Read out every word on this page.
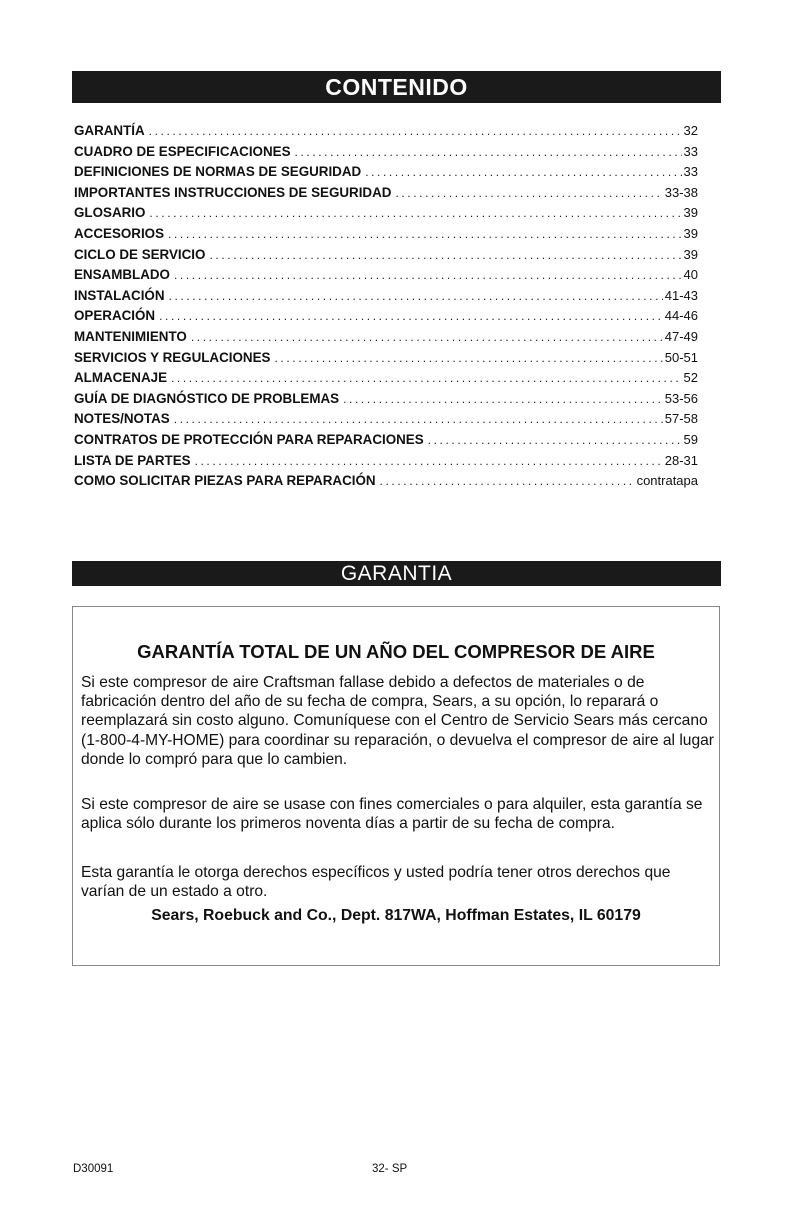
CONTENIDO
GARANTÍA .....	32
CUADRO DE ESPECIFICACIONES .....	33
DEFINICIONES DE NORMAS DE SEGURIDAD .....	33
IMPORTANTES INSTRUCCIONES DE SEGURIDAD .....	33-38
GLOSARIO .....	39
ACCESORIOS .....	39
CICLO DE SERVICIO .....	39
ENSAMBLADO .....	40
INSTALACIÓN .....	41-43
OPERACIÓN .....	44-46
MANTENIMIENTO .....	47-49
SERVICIOS Y REGULACIONES .....	50-51
ALMACENAJE .....	52
GUÍA DE DIAGNÓSTICO DE PROBLEMAS .....	53-56
NOTES/NOTAS .....	57-58
CONTRATOS DE PROTECCIÓN PARA REPARACIONES .....	59
LISTA DE PARTES .....	28-31
COMO SOLICITAR PIEZAS PARA REPARACIÓN .....	contratapa
GARANTIA
GARANTÍA TOTAL DE UN AÑO DEL COMPRESOR DE AIRE

Si este compresor de aire Craftsman fallase debido a defectos de materiales o de fabricación dentro del año de su fecha de compra, Sears, a su opción, lo reparará o reemplazará sin costo alguno. Comuníquese con el Centro de Servicio Sears más cercano (1-800-4-MY-HOME) para coordinar su reparación, o devuelva el compresor de aire al lugar donde lo compró para que lo cambien.

Si este compresor de aire se usase con fines comerciales o para alquiler, esta garantía se aplica sólo durante los primeros noventa días a partir de su fecha de compra.

Esta garantía le otorga derechos específicos y usted podría tener otros derechos que varían de un estado a otro.

Sears, Roebuck and Co., Dept. 817WA, Hoffman Estates, IL 60179
D30091	32- SP
